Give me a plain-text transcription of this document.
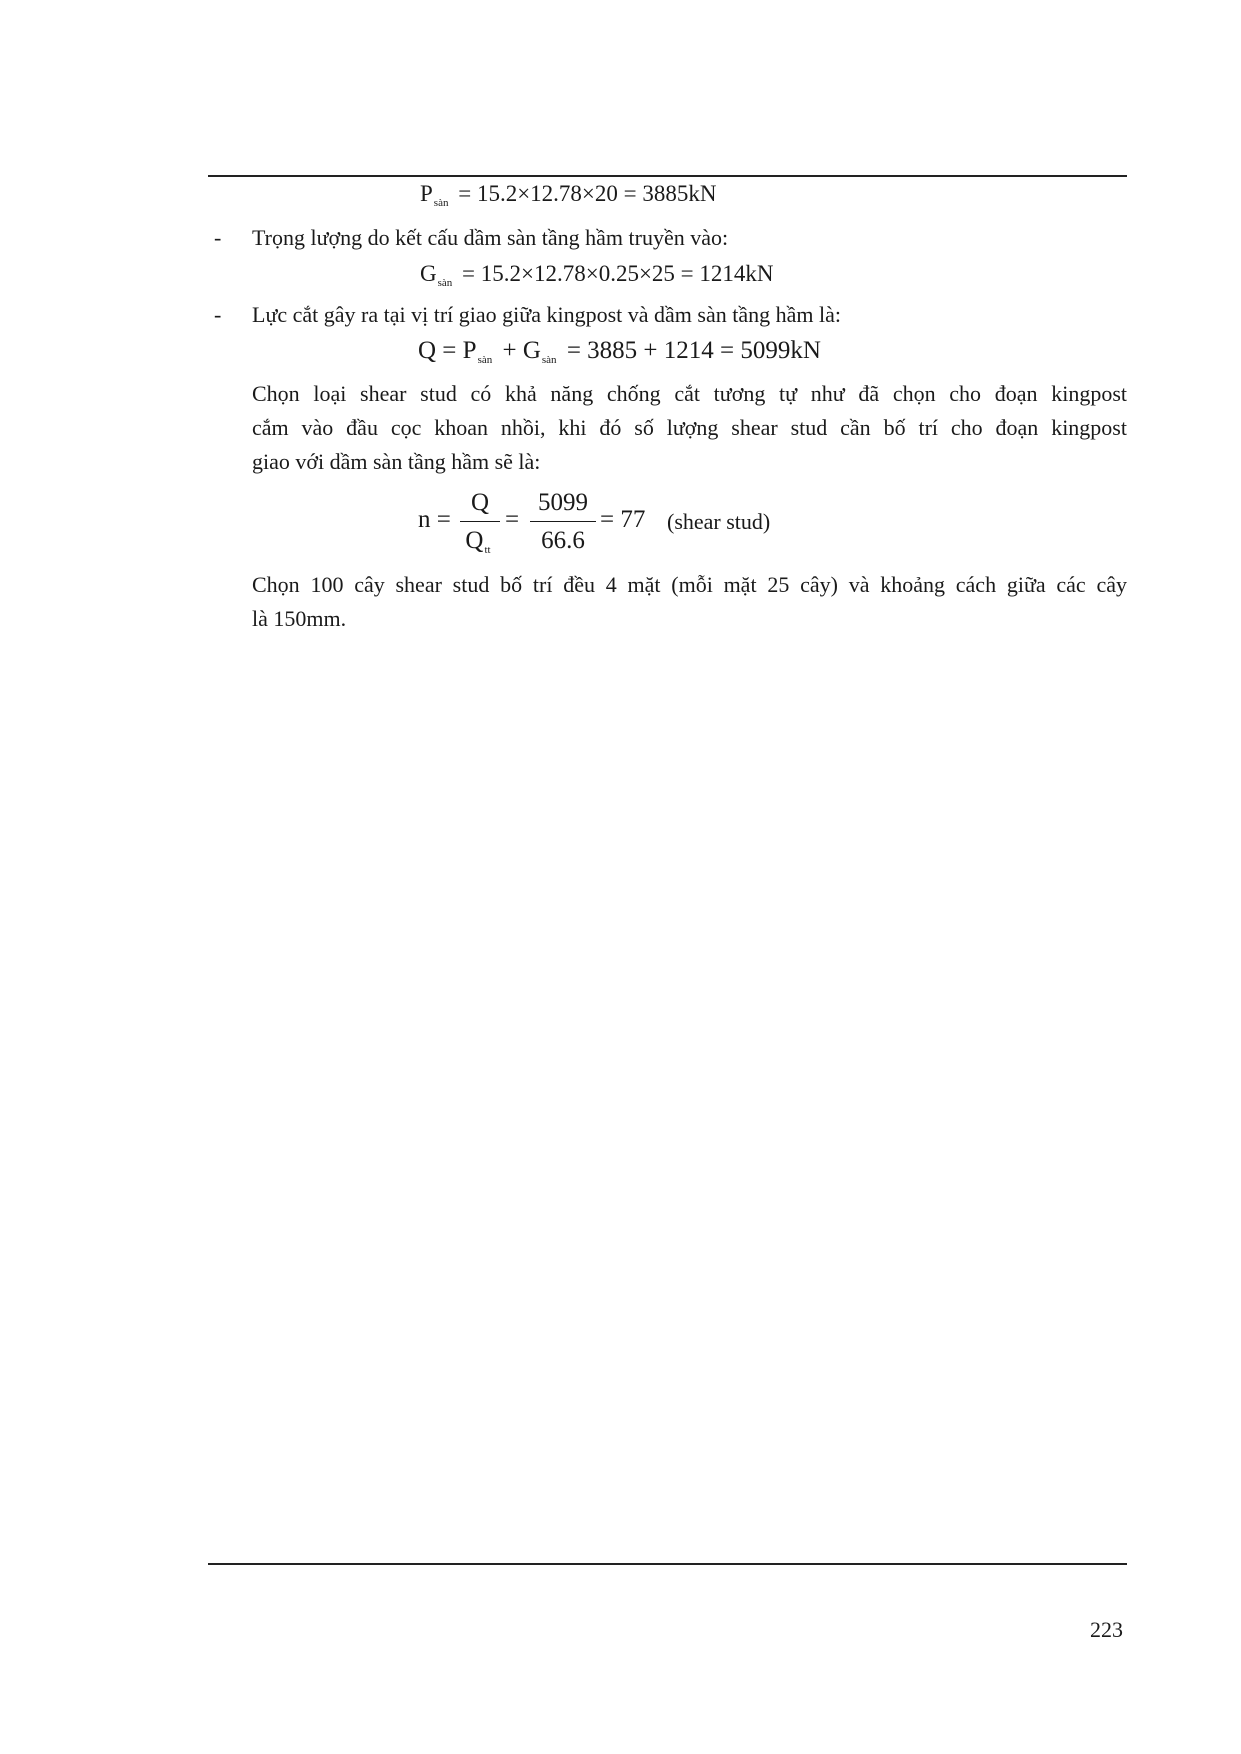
$P_{sàn} = 15.2\times 12.78\times 20 = 3885kN$
- Trọng lượng do kết cấu dầm sàn tầng hầm truyền vào:
$G_{sàn} = 15.2\times 12.78\times 0.25\times 25 = 1214kN$
- Lực cắt gây ra tại vị trí giao giữa kingpost và dầm sàn tầng hầm là:
$Q = P_{sàn} + G_{sàn} = 3885 + 1214 = 5099kN$
Chọn loại shear stud có khả năng chống cắt tương tự như đã chọn cho đoạn kingpost
cắm vào đầu cọc khoan nhồi, khi đó số lượng shear stud cần bố trí cho đoạn kingpost
giao với dầm sàn tầng hầm sẽ là:
n =
Q
$Q_{tt}$
=
5099
66.6
= 77 (shear stud)
Chọn 100 cây shear stud bố trí đều 4 mặt (mỗi mặt 25 cây) và khoảng cách giữa các cây
là 150mm.
223
